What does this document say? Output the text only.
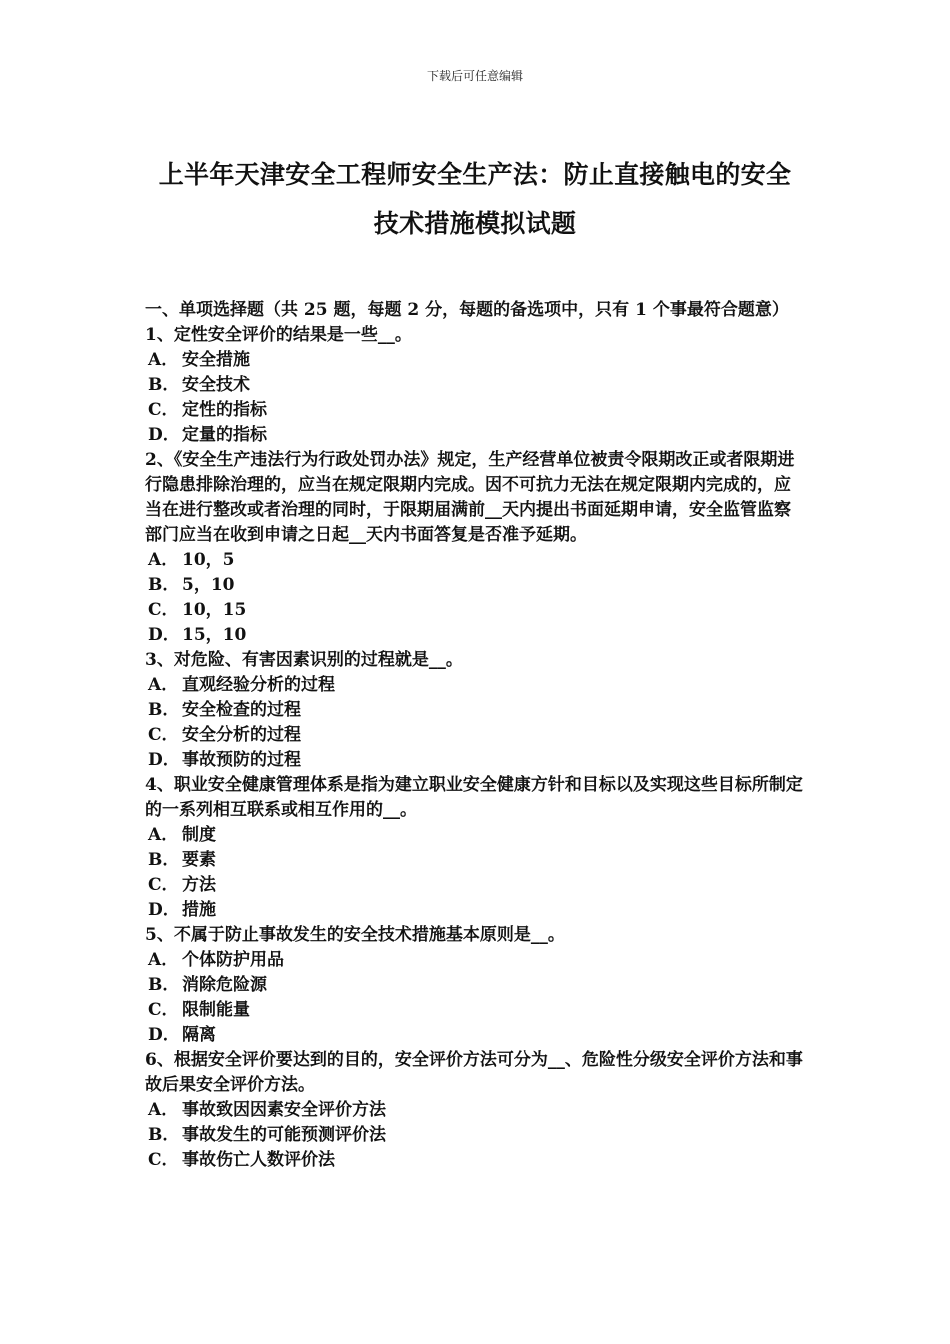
下载后可任意编辑
上半年天津安全工程师安全生产法：防止直接触电的安全
技术措施模拟试题

一、单项选择题（共 25 题，每题 2 分，每题的备选项中，只有 1 个事最符合题意）

1、定性安全评价的结果是一些__。

A． 安全措施
B． 安全技术
C． 定性的指标
D． 定量的指标

2、《安全生产违法行为行政处罚办法》规定，生产经营单位被责令限期改正或者限期进行隐患排除治理的，应当在规定限期内完成。因不可抗力无法在规定限期内完成的，应当在进行整改或者治理的同时，于限期届满前__天内提出书面延期申请，安全监管监察部门应当在收到申请之日起__天内书面答复是否准予延期。

A． 10，5
B． 5，10
C． 10，15
D． 15，10

3、对危险、有害因素识别的过程就是__。

A． 直观经验分析的过程
B． 安全检查的过程
C． 安全分析的过程
D． 事故预防的过程

4、职业安全健康管理体系是指为建立职业安全健康方针和目标以及实现这些目标所制定的一系列相互联系或相互作用的__。

A． 制度
B． 要素
C． 方法
D． 措施

5、不属于防止事故发生的安全技术措施基本原则是__。

A． 个体防护用品
B． 消除危险源
C． 限制能量
D． 隔离

6、根据安全评价要达到的目的，安全评价方法可分为__、危险性分级安全评价方法和事故后果安全评价方法。

A． 事故致因因素安全评价方法
B． 事故发生的可能预测评价法
C． 事故伤亡人数评价法
